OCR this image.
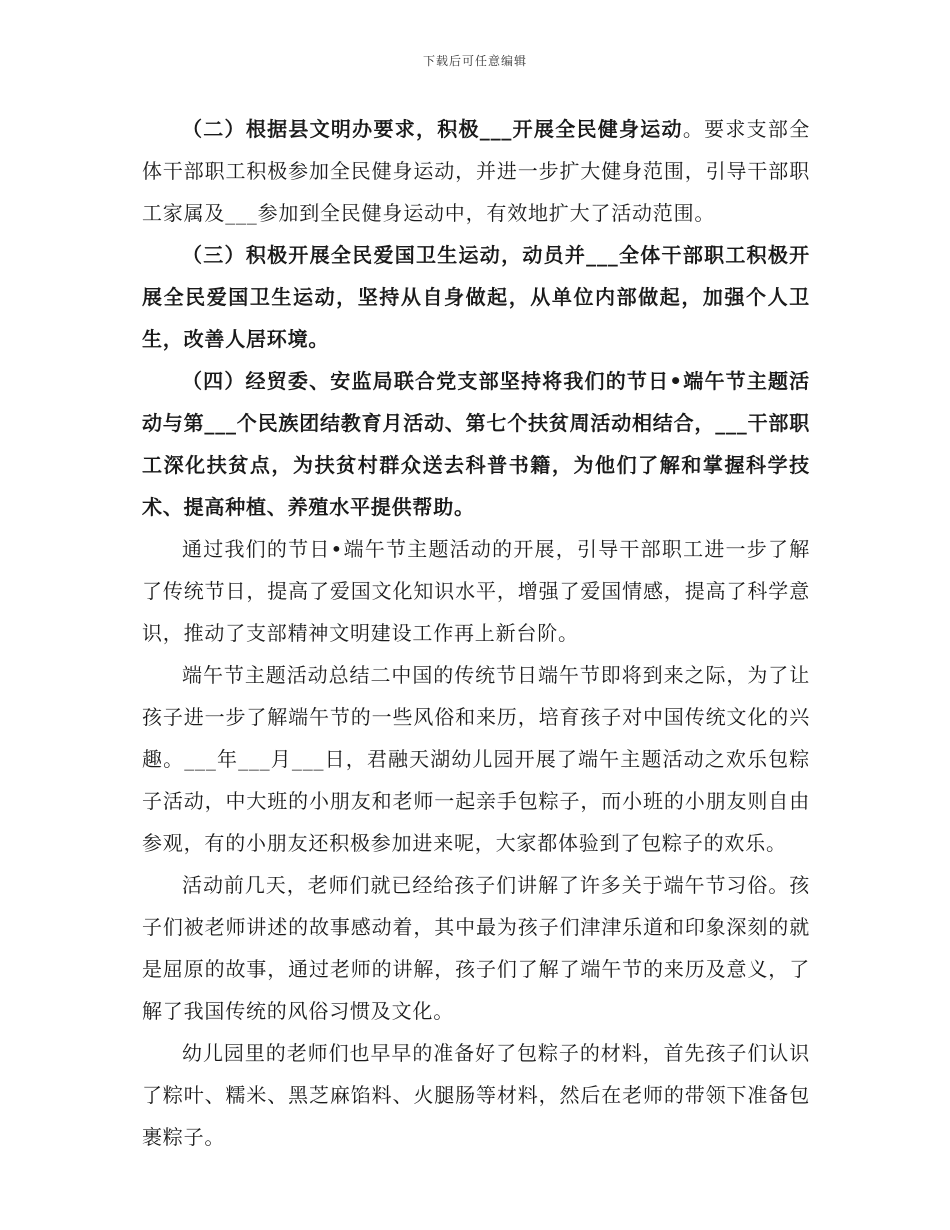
下载后可任意编辑

（二）根据县文明办要求，积极___开展全民健身运动。要求支部全体干部职工积极参加全民健身运动，并进一步扩大健身范围，引导干部职工家属及___参加到全民健身运动中，有效地扩大了活动范围。

（三）积极开展全民爱国卫生运动，动员并___全体干部职工积极开展全民爱国卫生运动，坚持从自身做起，从单位内部做起，加强个人卫生，改善人居环境。

（四）经贸委、安监局联合党支部坚持将我们的节日•端午节主题活动与第___个民族团结教育月活动、第七个扶贫周活动相结合，___干部职工深化扶贫点，为扶贫村群众送去科普书籍，为他们了解和掌握科学技术、提高种植、养殖水平提供帮助。

通过我们的节日•端午节主题活动的开展，引导干部职工进一步了解了传统节日，提高了爱国文化知识水平，增强了爱国情感，提高了科学意识，推动了支部精神文明建设工作再上新台阶。

端午节主题活动总结二中国的传统节日端午节即将到来之际，为了让孩子进一步了解端午节的一些风俗和来历，培育孩子对中国传统文化的兴趣。___年___月___日，君融天湖幼儿园开展了端午主题活动之欢乐包粽子活动，中大班的小朋友和老师一起亲手包粽子，而小班的小朋友则自由参观，有的小朋友还积极参加进来呢，大家都体验到了包粽子的欢乐。

活动前几天，老师们就已经给孩子们讲解了许多关于端午节习俗。孩子们被老师讲述的故事感动着，其中最为孩子们津津乐道和印象深刻的就是屈原的故事，通过老师的讲解，孩子们了解了端午节的来历及意义，了解了我国传统的风俗习惯及文化。

幼儿园里的老师们也早早的准备好了包粽子的材料，首先孩子们认识了粽叶、糯米、黑芝麻馅料、火腿肠等材料，然后在老师的带领下准备包裹粽子。
